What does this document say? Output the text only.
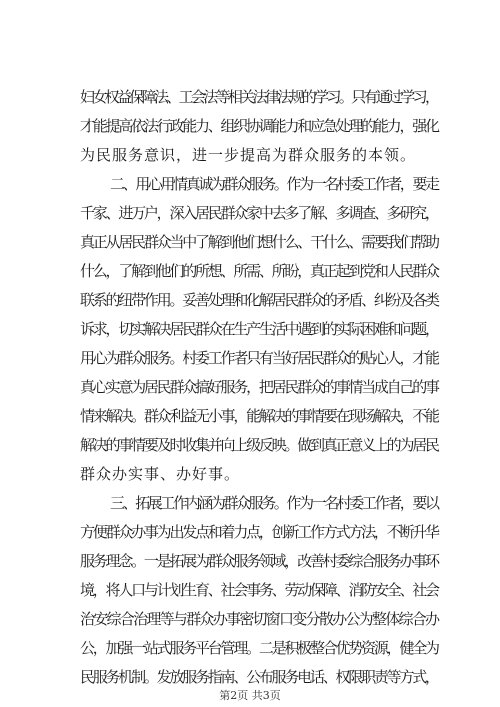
妇女权益保障法、工会法等相关法律法规的学习。只有通过学习，
才能提高依法行政能力、组织协调能力和应急处理的能力，强化
为民服务意识，进一步提高为群众服务的本领。
二、用心用情真诚为群众服务。作为一名村委工作者，要走
千家、进万户，深入居民群众家中去多了解、多调查、多研究，
真正从居民群众当中了解到他们想什么、干什么、需要我们帮助
什么，了解到他们的所想、所需、所盼，真正起到党和人民群众
联系的纽带作用。妥善处理和化解居民群众的矛盾、纠纷及各类
诉求，切实解决居民群众在生产生活中遇到的实际困难和问题，
用心为群众服务。村委工作者只有当好居民群众的贴心人，才能
真心实意为居民群众搞好服务，把居民群众的事情当成自己的事
情来解决。群众利益无小事，能解决的事情要在现场解决，不能
解决的事情要及时收集并向上级反映。做到真正意义上的为居民
群众办实事、办好事。
三、拓展工作内涵为群众服务。作为一名村委工作者，要以
方便群众办事为出发点和着力点，创新工作方式方法，不断升华
服务理念。一是拓展为群众服务领域，改善村委综合服务办事环
境，将人口与计划生育、社会事务、劳动保障、消防安全、社会
治安综合治理等与群众办事密切窗口变分散办公为整体综合办
公，加强一站式服务平台管理。二是积极整合优势资源，健全为
民服务机制。发放服务指南、公布服务电话、权限职责等方式，
第2页 共3页
